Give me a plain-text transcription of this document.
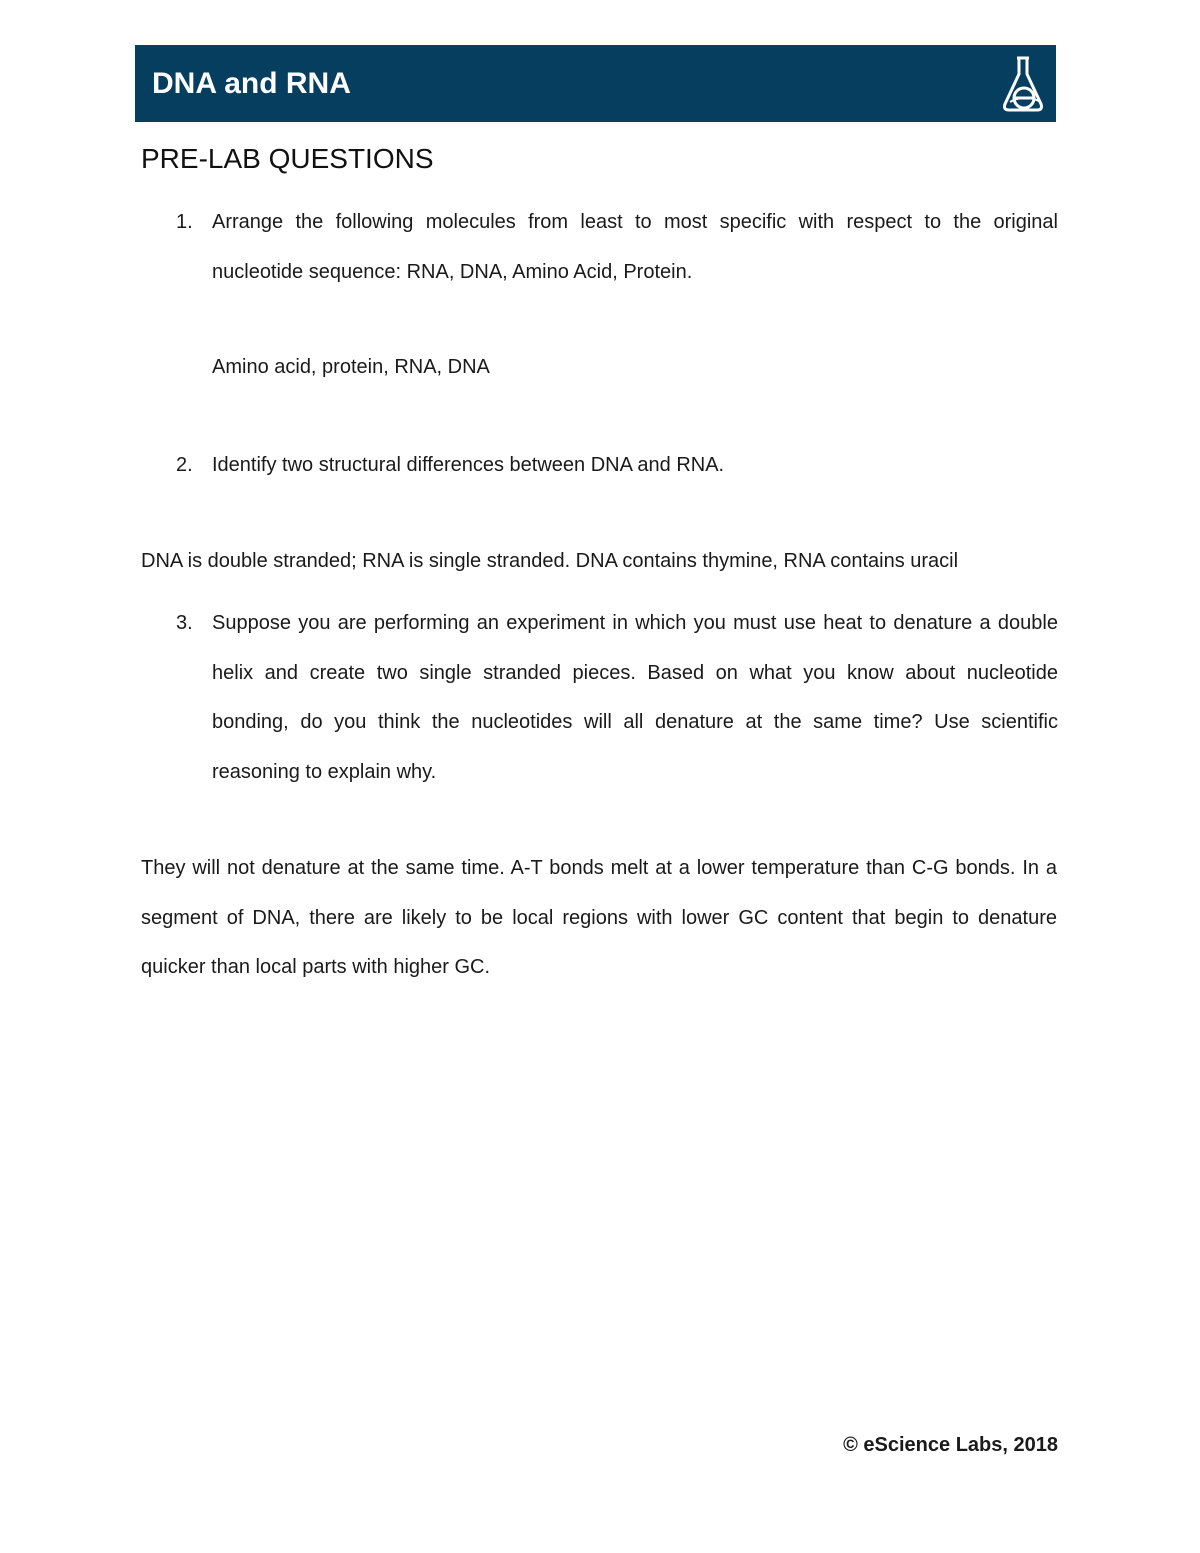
DNA and RNA
PRE-LAB QUESTIONS

1. Arrange the following molecules from least to most specific with respect to the original nucleotide sequence: RNA, DNA, Amino Acid, Protein.

Amino acid, protein, RNA, DNA

2. Identify two structural differences between DNA and RNA.

DNA is double stranded; RNA is single stranded. DNA contains thymine, RNA contains uracil

3. Suppose you are performing an experiment in which you must use heat to denature a double helix and create two single stranded pieces. Based on what you know about nucleotide bonding, do you think the nucleotides will all denature at the same time? Use scientific reasoning to explain why.

They will not denature at the same time. A-T bonds melt at a lower temperature than C-G bonds. In a segment of DNA, there are likely to be local regions with lower GC content that begin to denature quicker than local parts with higher GC.

© eScience Labs, 2018
